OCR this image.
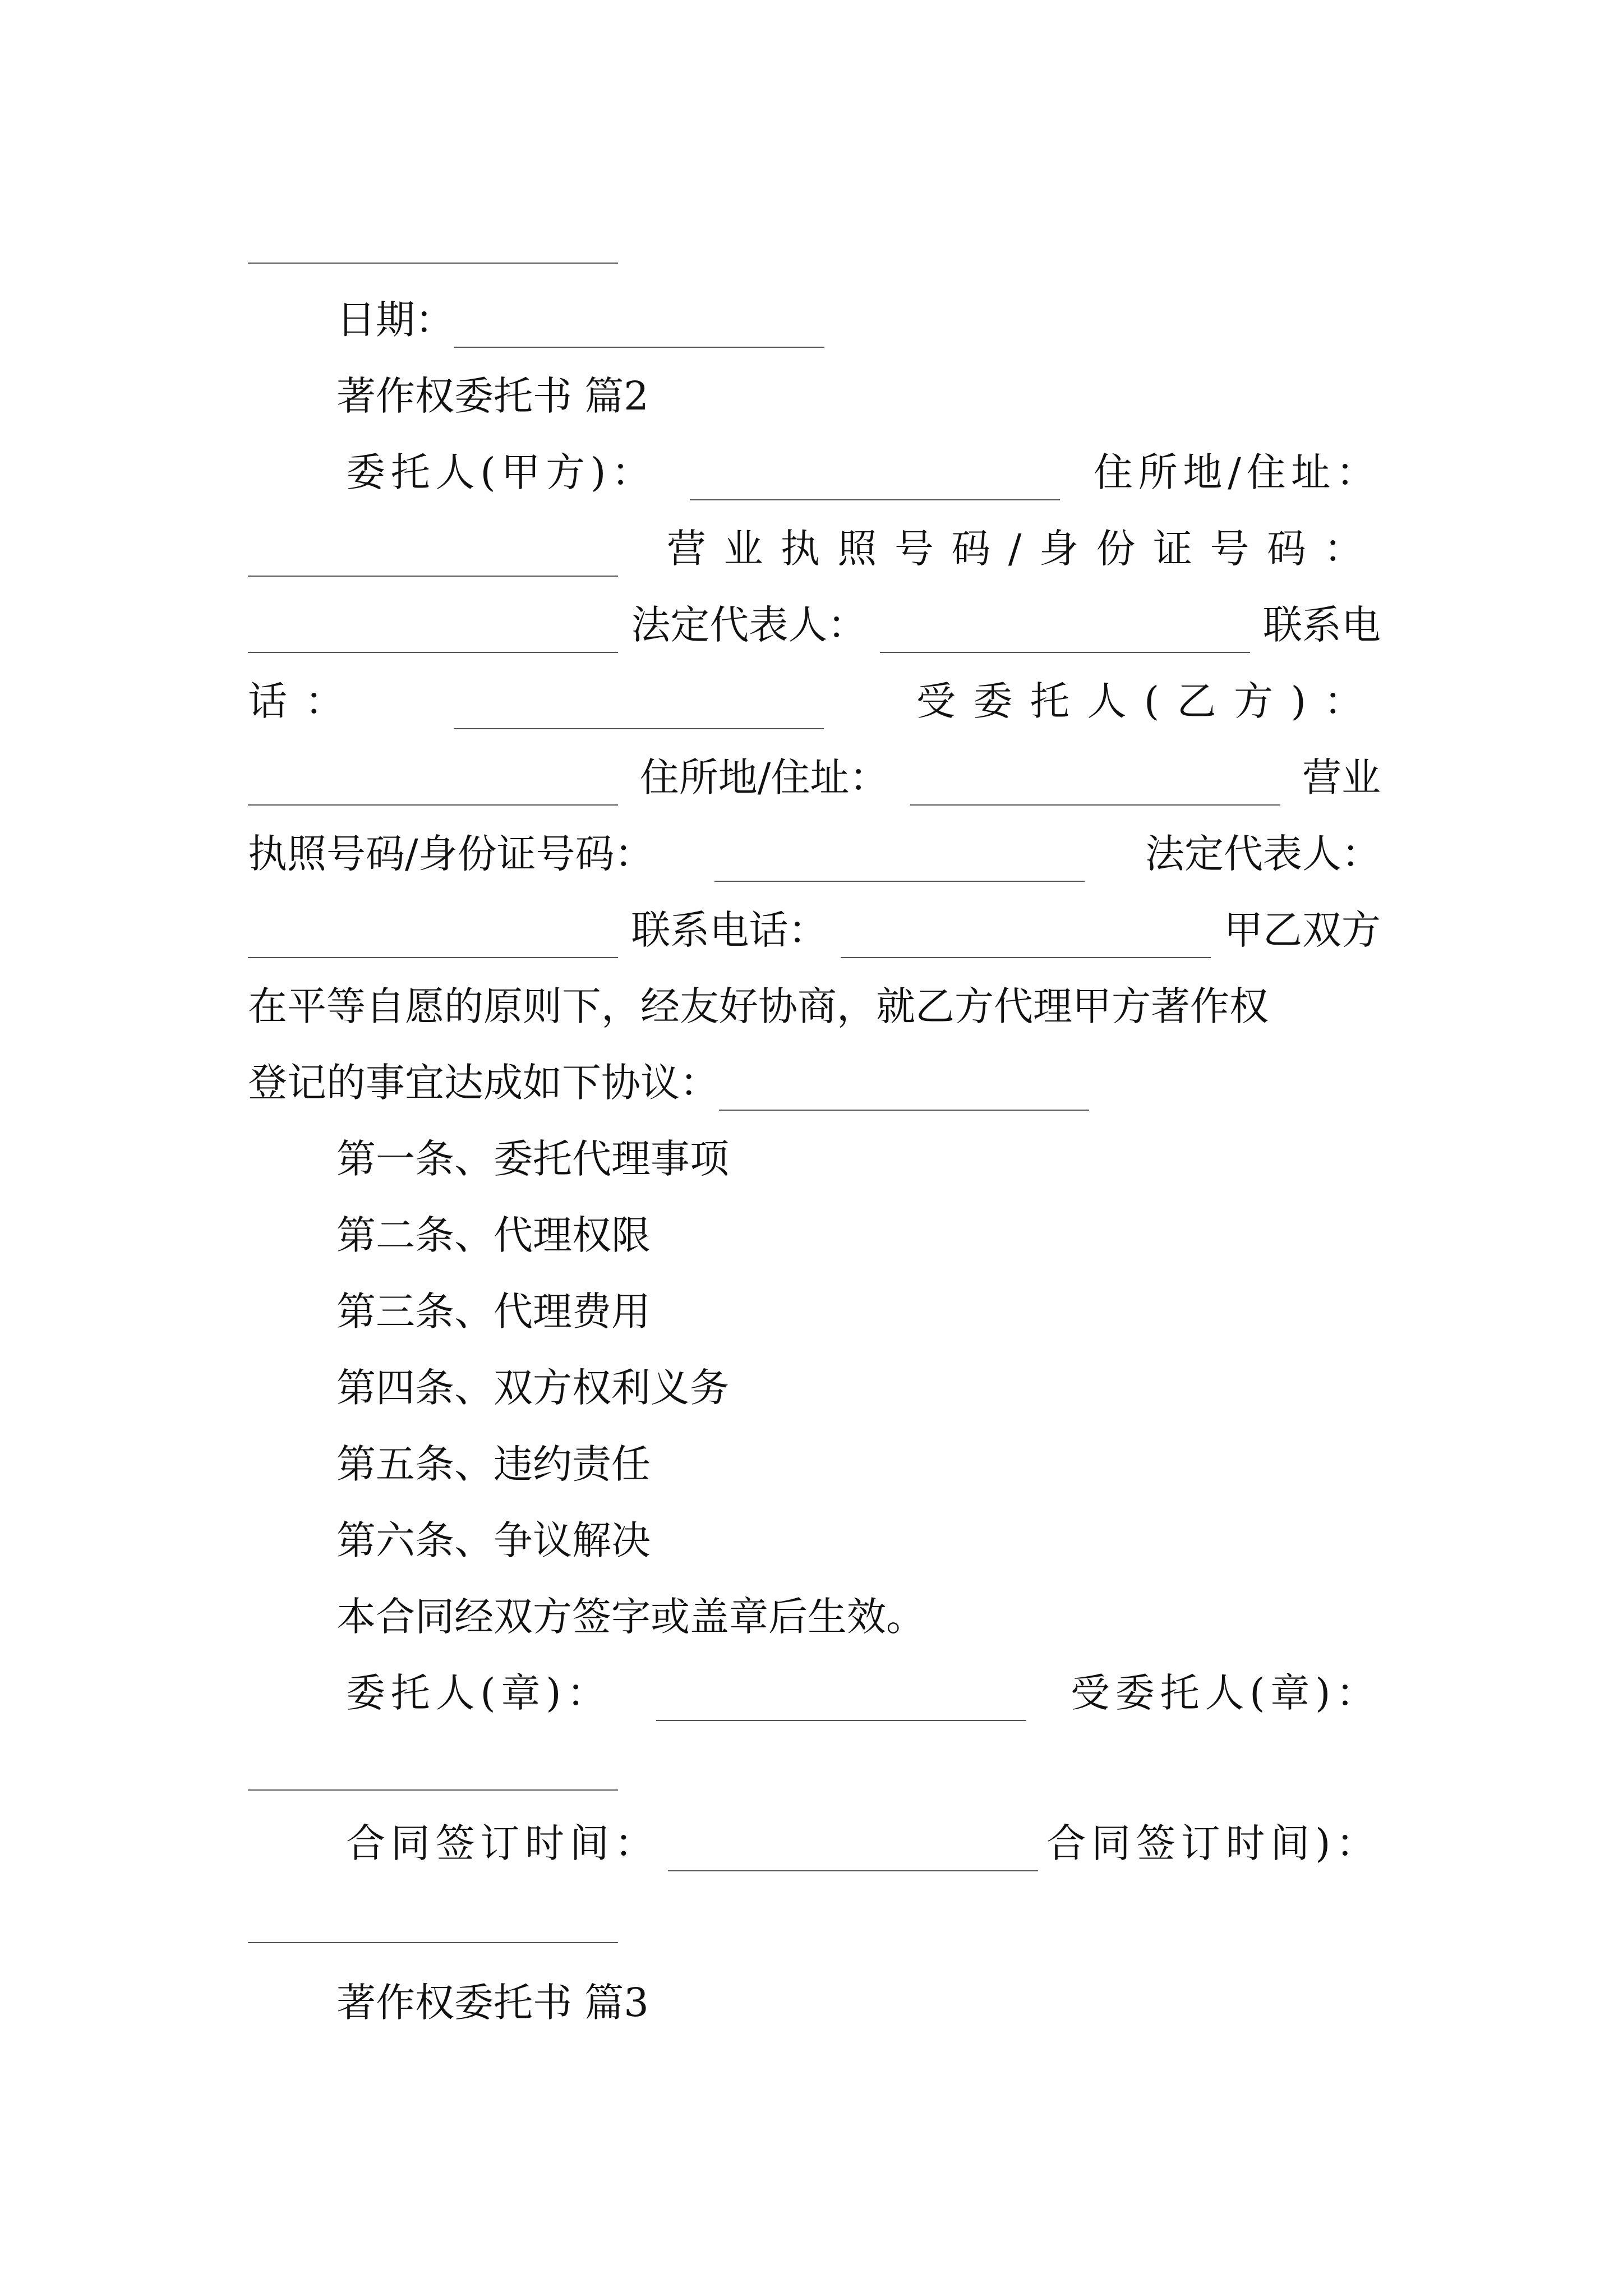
日期：
著作权委托书 篇2
委托人(甲方)：	住所地/住址：
营业执照号码/身份证号码：
法定代表人：	联系电
话：	受委托人(乙方)：
住所地/住址：	营业
执照号码/身份证号码：	法定代表人：
联系电话：	甲乙双方
在平等自愿的原则下，经友好协商，就乙方代理甲方著作权
登记的事宜达成如下协议：
第一条、委托代理事项
第二条、代理权限
第三条、代理费用
第四条、双方权利义务
第五条、违约责任
第六条、争议解决
本合同经双方签字或盖章后生效。
委托人(章)：	受委托人(章)：
合同签订时间：	合同签订时间)：
著作权委托书 篇3
